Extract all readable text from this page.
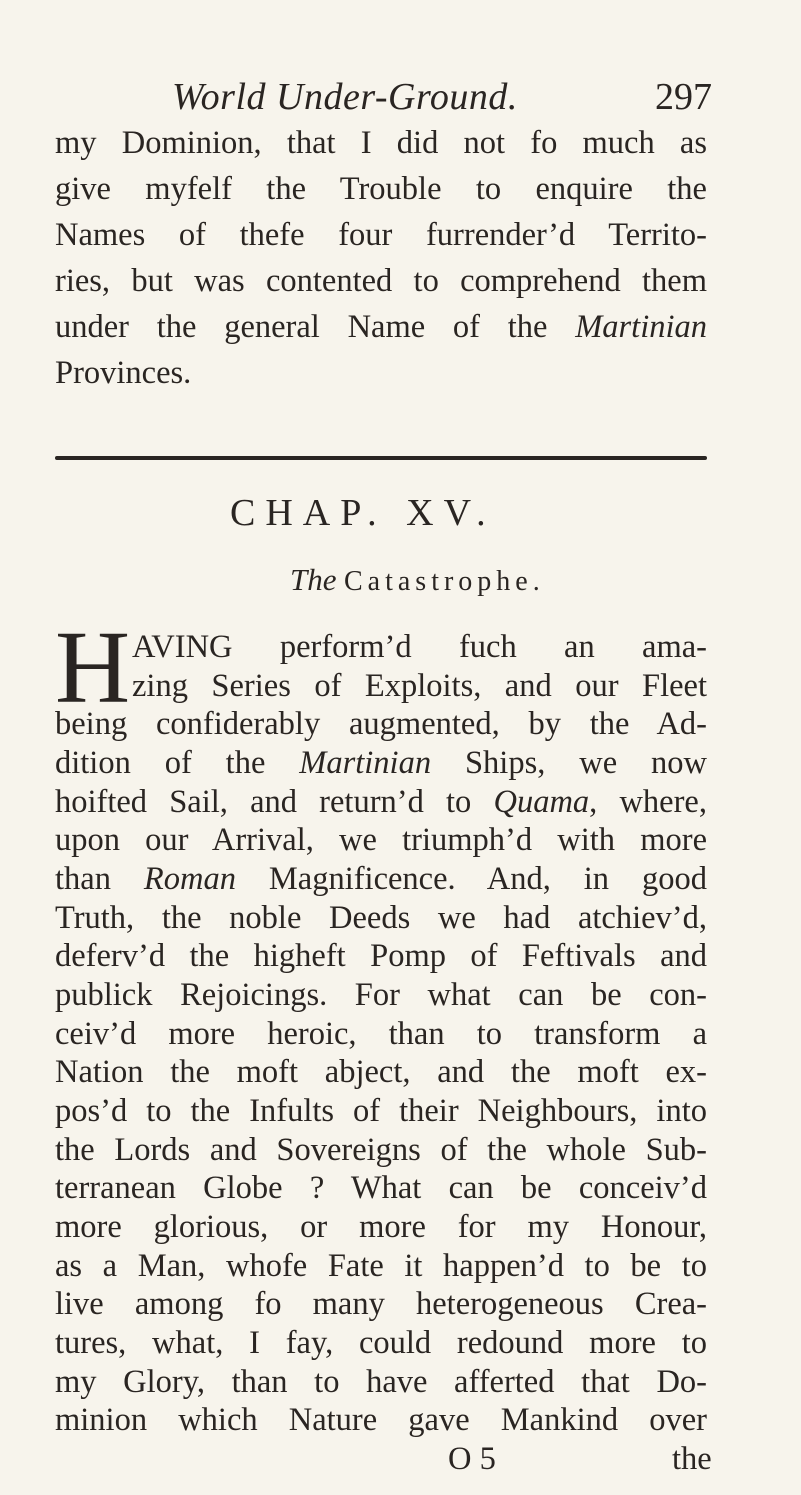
World Under-Ground.	297
my Dominion, that I did not fo much as
give myfelf the Trouble to enquire the
Names of thefe four furrender’d Territo-
ries, but was contented to comprehend them
under the general Name of the Martinian
Provinces.
CHAP. XV.
The Catastrophe.
H AVING perform’d fuch an ama-
zing Series of Exploits, and our Fleet
being confiderably augmented, by the Ad-
dition of the Martinian Ships, we now
hoifted Sail, and return’d to Quama, where,
upon our Arrival, we triumph’d with more
than Roman Magnificence. And, in good
Truth, the noble Deeds we had atchiev’d,
deferv’d the higheft Pomp of Feftivals and
publick Rejoicings. For what can be con-
ceiv’d more heroic, than to transform a
Nation the moft abject, and the moft ex-
pos’d to the Infults of their Neighbours, into
the Lords and Sovereigns of the whole Sub-
terranean Globe ? What can be conceiv’d
more glorious, or more for my Honour,
as a Man, whofe Fate it happen’d to be to
live among fo many heterogeneous Crea-
tures, what, I fay, could redound more to
my Glory, than to have afferted that Do-
minion which Nature gave Mankind over
O 5	the
